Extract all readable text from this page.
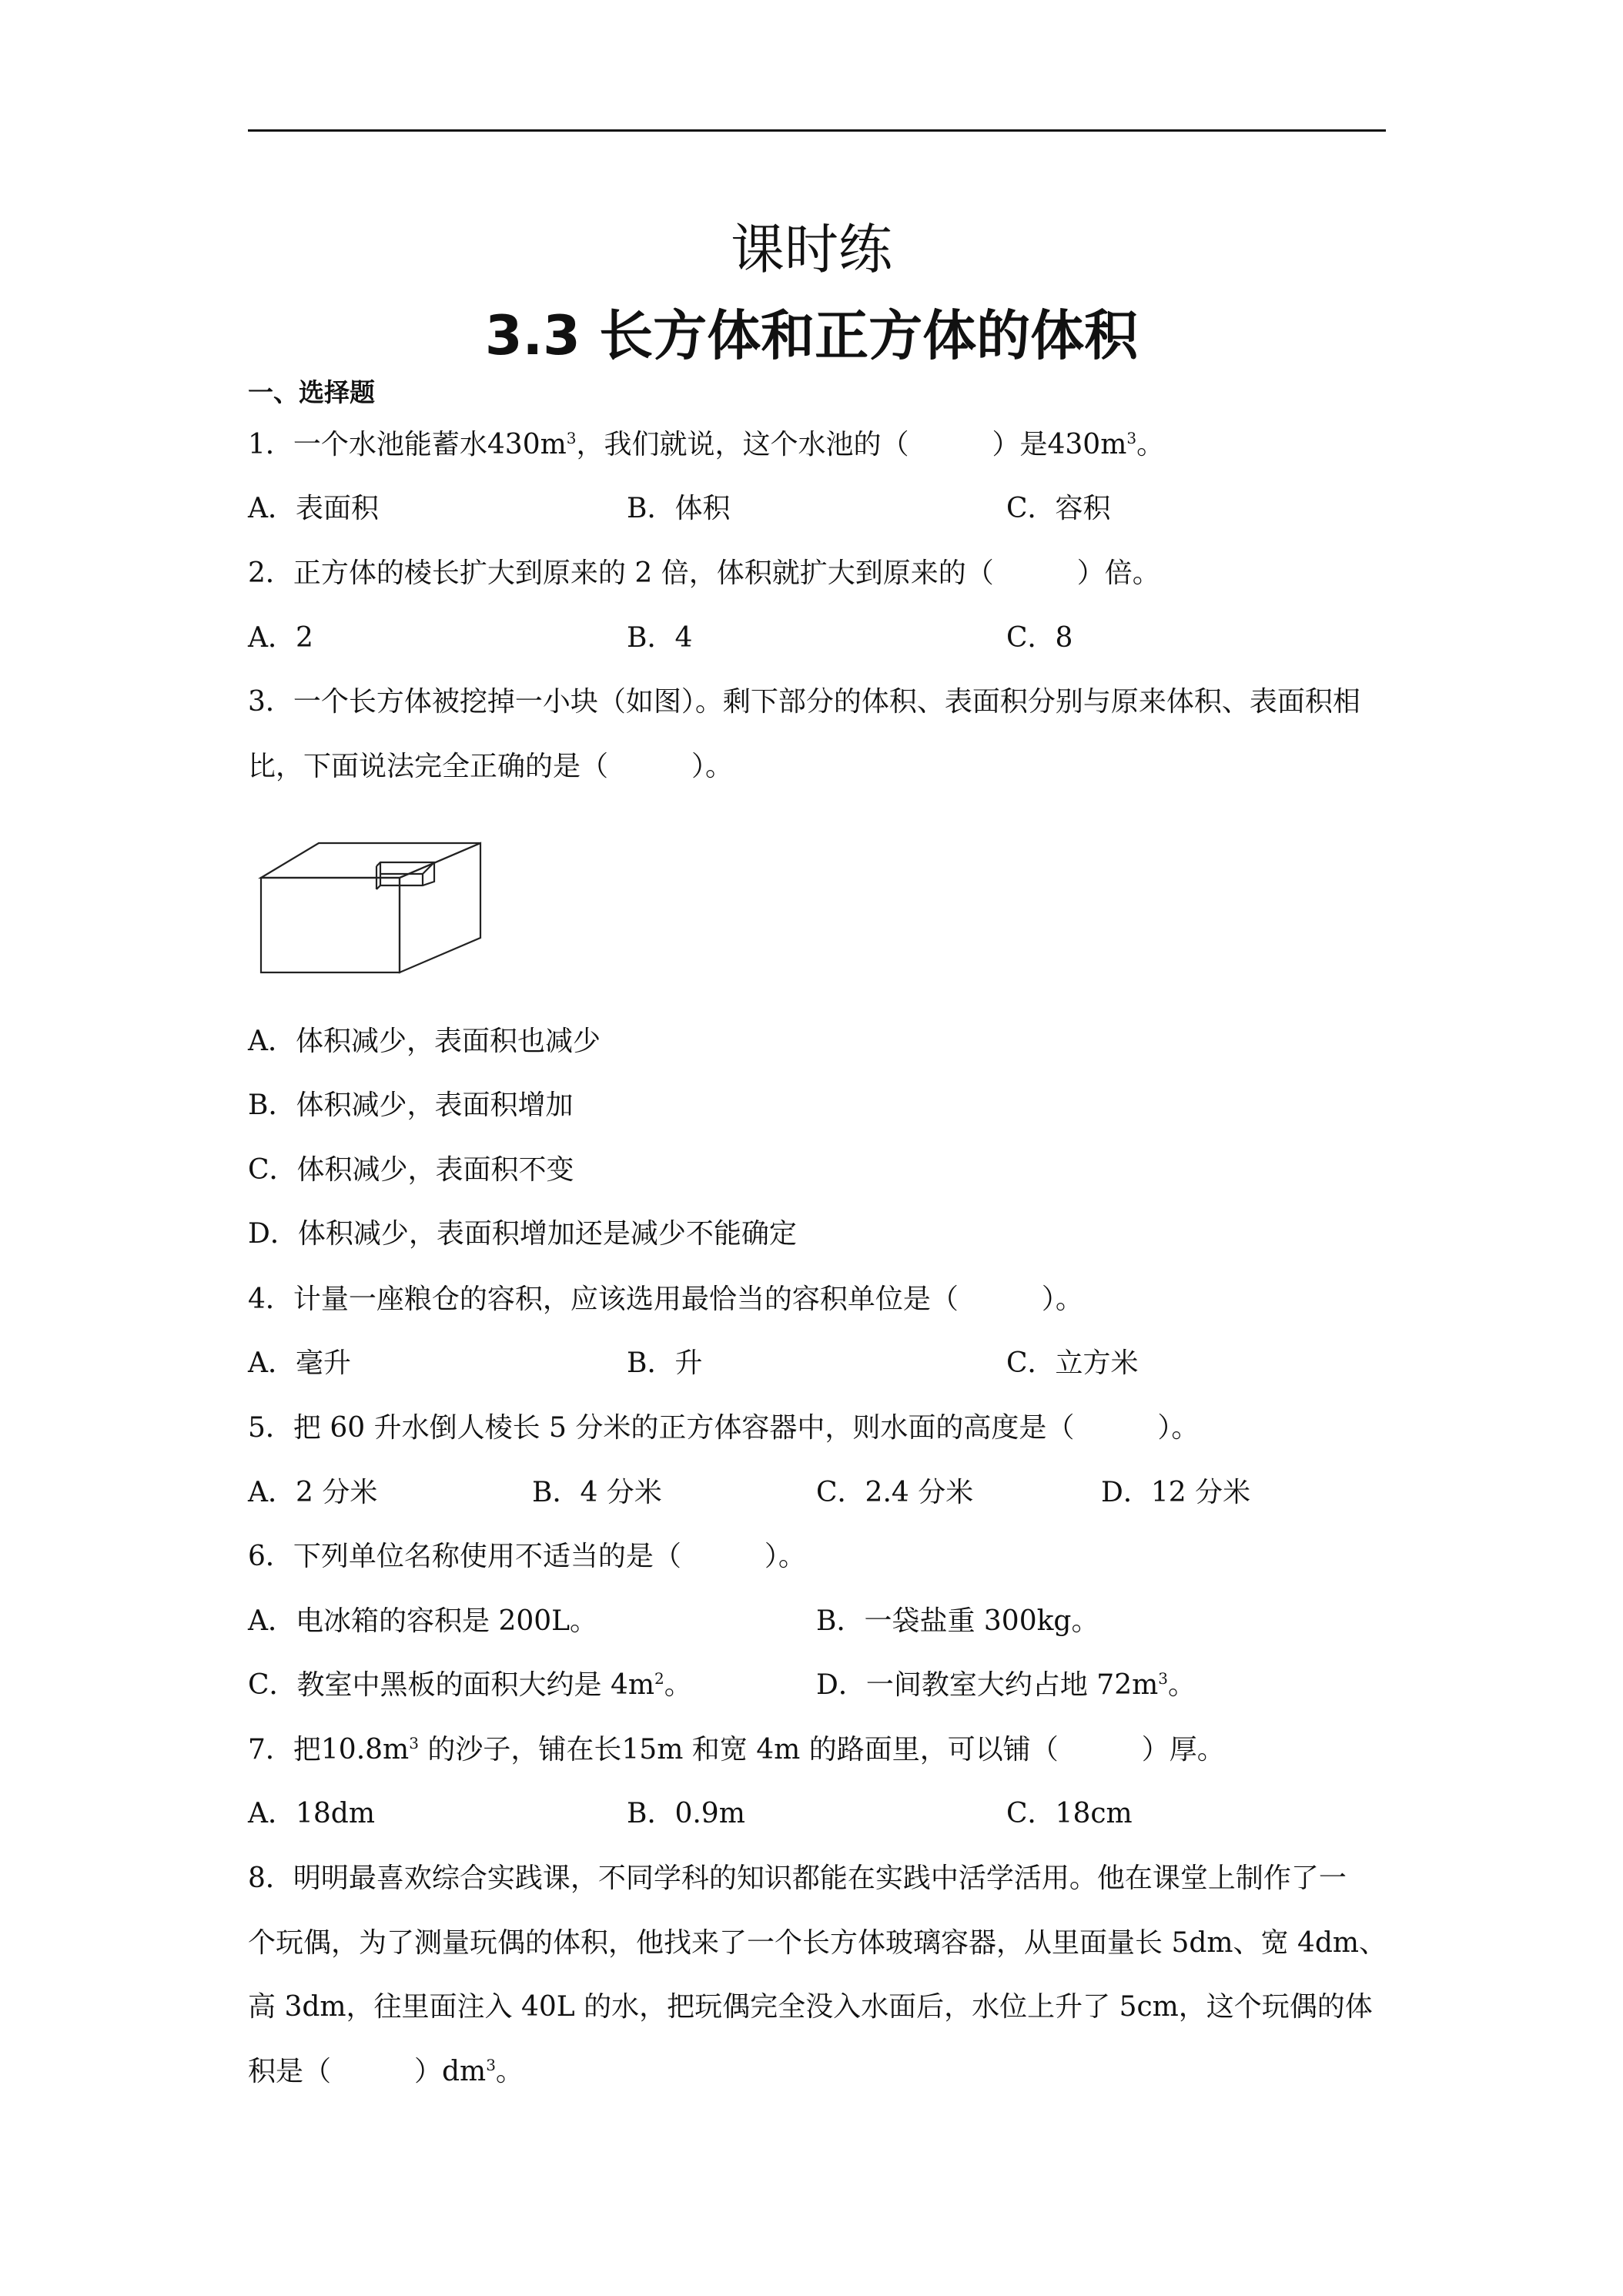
课时练
3.3 长方体和正方体的体积
一、选择题
1．一个水池能蓄水$430m^3$，我们就说，这个水池的（　　　）是$430m^3$。
A．表面积	B．体积	C．容积
2．正方体的棱长扩大到原来的 2 倍，体积就扩大到原来的（　　　）倍。
A．2	B．4	C．8
3．一个长方体被挖掉一小块（如图）。剩下部分的体积、表面积分别与原来体积、表面积相
比，下面说法完全正确的是（　　　）。
A．体积减少，表面积也减少
B．体积减少，表面积增加
C．体积减少，表面积不变
D．体积减少，表面积增加还是减少不能确定
4．计量一座粮仓的容积，应该选用最恰当的容积单位是（　　　）。
A．毫升	B．升	C．立方米
5．把 60 升水倒人棱长 5 分米的正方体容器中，则水面的高度是（　　　）。
A．2 分米	B．4 分米	C．2.4 分米	D．12 分米
6．下列单位名称使用不适当的是（　　　）。
A．电冰箱的容积是 200L。	B．一袋盐重 300kg。
C．教室中黑板的面积大约是 $4m^2$。	D．一间教室大约占地 $72m^3$。
7．把$10.8m^3$ 的沙子，铺在长15m 和宽 4m 的路面里，可以铺（　　　）厚。
A．18dm	B．0.9m	C．18cm
8．明明最喜欢综合实践课，不同学科的知识都能在实践中活学活用。他在课堂上制作了一
个玩偶，为了测量玩偶的体积，他找来了一个长方体玻璃容器，从里面量长 5dm、宽 4dm、
高 3dm，往里面注入 40L 的水，把玩偶完全没入水面后，水位上升了 5cm，这个玩偶的体
积是（　　　）$dm^3$。
